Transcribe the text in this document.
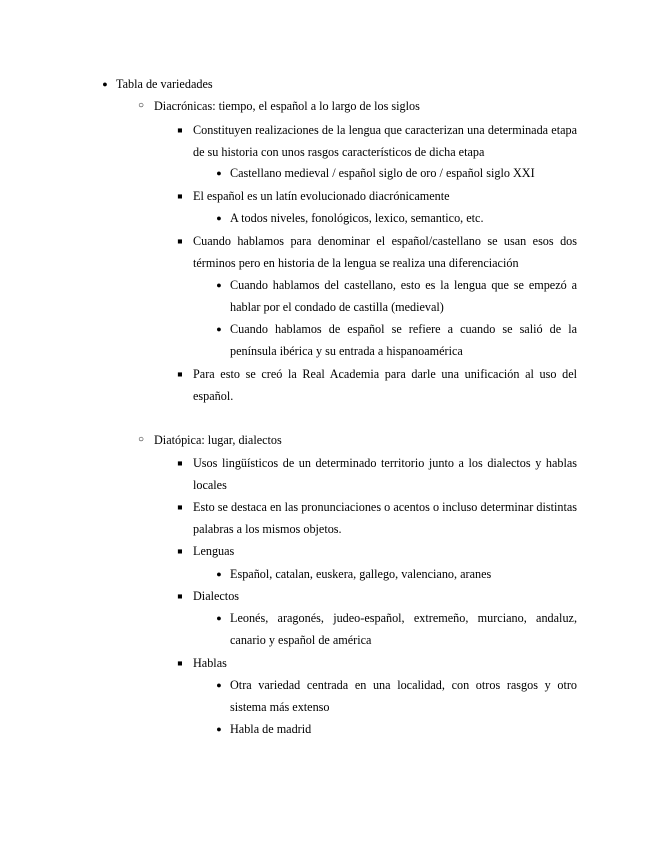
● Tabla de variedades
○ Diacrónicas: tiempo, el español a lo largo de los siglos
■ Constituyen realizaciones de la lengua que caracterizan una determinada etapa de su historia con unos rasgos característicos de dicha etapa
● Castellano medieval / español siglo de oro / español siglo XXI
■ El español es un latín evolucionado diacrónicamente
● A todos niveles, fonológicos, lexico, semantico, etc.
■ Cuando hablamos para denominar el español/castellano se usan esos dos términos pero en historia de la lengua se realiza una diferenciación
● Cuando hablamos del castellano, esto es la lengua que se empezó a hablar por el condado de castilla (medieval)
● Cuando hablamos de español se refiere a cuando se salió de la península ibérica y su entrada a hispanoamérica
■ Para esto se creó la Real Academia para darle una unificación al uso del español.
○ Diatópica: lugar, dialectos
■ Usos lingüísticos de un determinado territorio junto a los dialectos y hablas locales
■ Esto se destaca en las pronunciaciones o acentos o incluso determinar distintas palabras a los mismos objetos.
■ Lenguas
● Español, catalan, euskera, gallego, valenciano, aranes
■ Dialectos
● Leonés, aragonés, judeo-español, extremeño, murciano, andaluz, canario y español de américa
■ Hablas
● Otra variedad centrada en una localidad, con otros rasgos y otro sistema más extenso
● Habla de madrid
